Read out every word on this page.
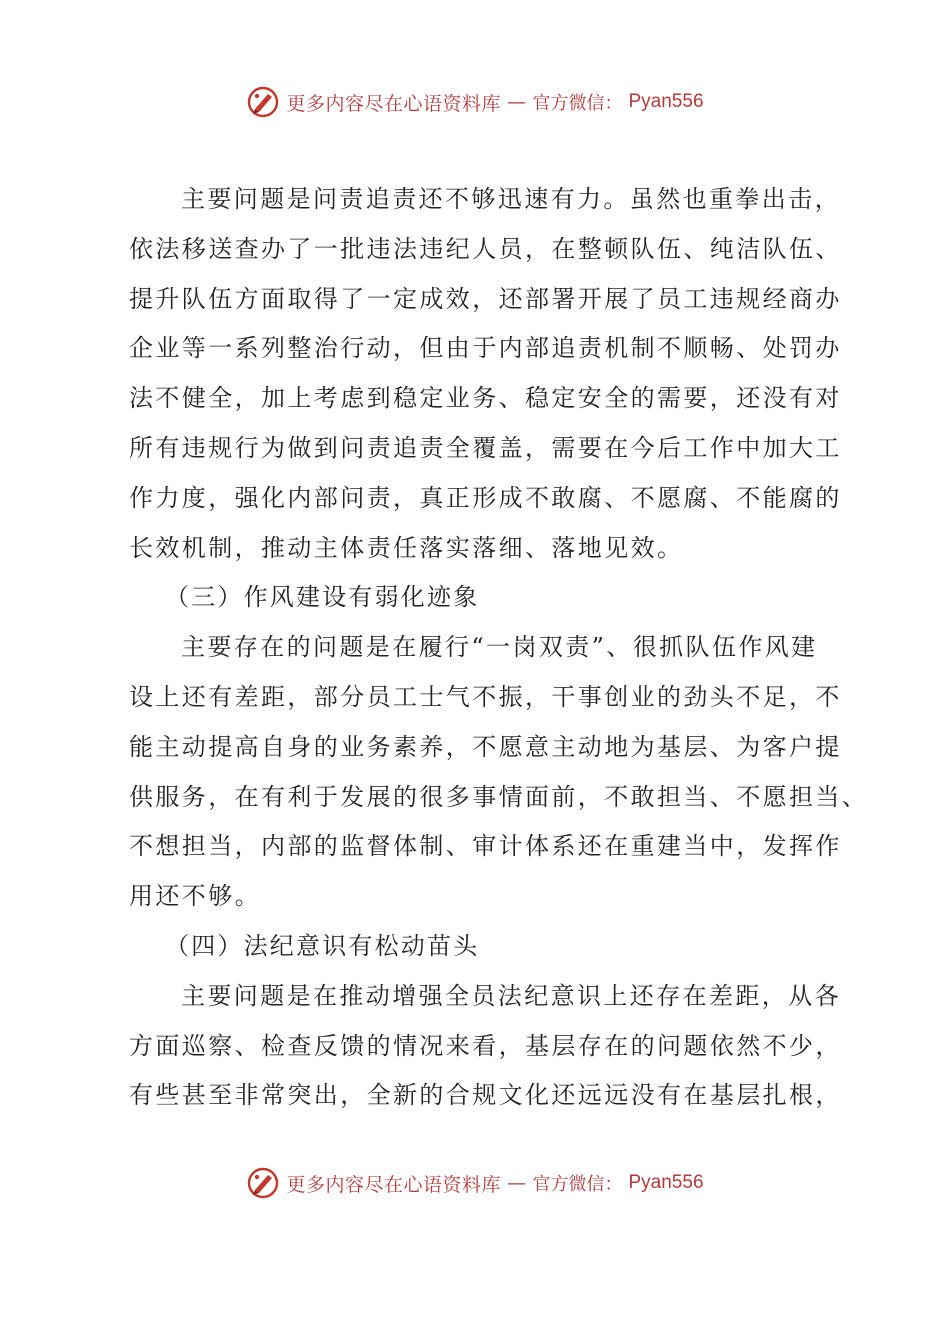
更多内容尽在心语资料库 — 官方微信： Pyan556
主要问题是问责追责还不够迅速有力。虽然也重拳出击，
依法移送查办了一批违法违纪人员，在整顿队伍、纯洁队伍、
提升队伍方面取得了一定成效，还部署开展了员工违规经商办
企业等一系列整治行动，但由于内部追责机制不顺畅、处罚办
法不健全，加上考虑到稳定业务、稳定安全的需要，还没有对
所有违规行为做到问责追责全覆盖，需要在今后工作中加大工
作力度，强化内部问责，真正形成不敢腐、不愿腐、不能腐的
长效机制，推动主体责任落实落细、落地见效。
（三）作风建设有弱化迹象
主要存在的问题是在履行“一岗双责”、很抓队伍作风建
设上还有差距，部分员工士气不振，干事创业的劲头不足，不
能主动提高自身的业务素养，不愿意主动地为基层、为客户提
供服务，在有利于发展的很多事情面前，不敢担当、不愿担当、
不想担当，内部的监督体制、审计体系还在重建当中，发挥作
用还不够。
（四）法纪意识有松动苗头
主要问题是在推动增强全员法纪意识上还存在差距，从各
方面巡察、检查反馈的情况来看，基层存在的问题依然不少，
有些甚至非常突出，全新的合规文化还远远没有在基层扎根，
更多内容尽在心语资料库 — 官方微信： Pyan556
